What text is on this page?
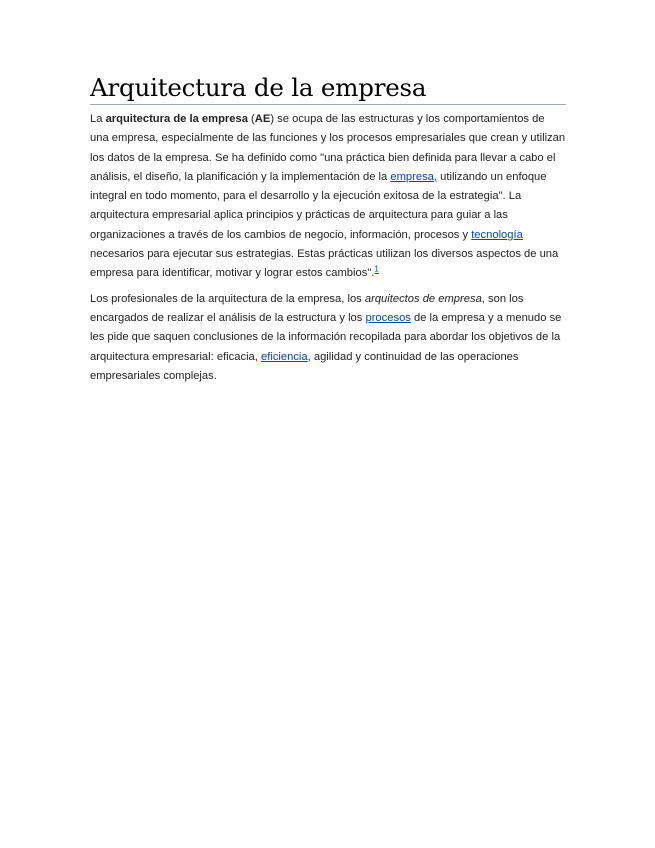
Arquitectura de la empresa

La arquitectura de la empresa (AE) se ocupa de las estructuras y los comportamientos de una empresa, especialmente de las funciones y los procesos empresariales que crean y utilizan los datos de la empresa. Se ha definido como "una práctica bien definida para llevar a cabo el análisis, el diseño, la planificación y la implementación de la empresa, utilizando un enfoque integral en todo momento, para el desarrollo y la ejecución exitosa de la estrategia". La arquitectura empresarial aplica principios y prácticas de arquitectura para guiar a las organizaciones a través de los cambios de negocio, información, procesos y tecnología necesarios para ejecutar sus estrategias. Estas prácticas utilizan los diversos aspectos de una empresa para identificar, motivar y lograr estos cambios".$^1$

Los profesionales de la arquitectura de la empresa, los arquitectos de empresa, son los encargados de realizar el análisis de la estructura y los procesos de la empresa y a menudo se les pide que saquen conclusiones de la información recopilada para abordar los objetivos de la arquitectura empresarial: eficacia, eficiencia, agilidad y continuidad de las operaciones empresariales complejas.
